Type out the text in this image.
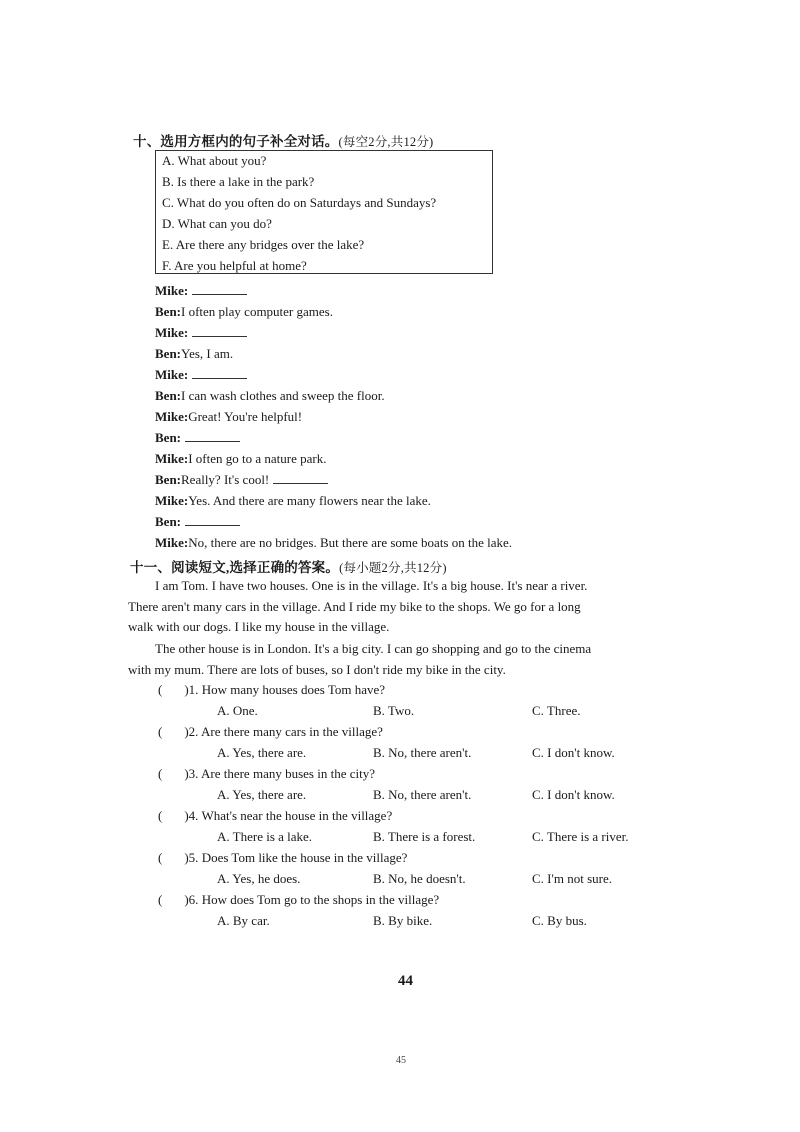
十、选用方框内的句子补全对话。(每空2分,共12分)
A. What about you?
B. Is there a lake in the park?
C. What do you often do on Saturdays and Sundays?
D. What can you do?
E. Are there any bridges over the lake?
F. Are you helpful at home?
Mike:
Ben:I often play computer games.
Mike:
Ben:Yes, I am.
Mike:
Ben:I can wash clothes and sweep the floor.
Mike:Great! You're helpful!
Ben:
Mike:I often go to a nature park.
Ben:Really? It's cool!
Mike:Yes. And there are many flowers near the lake.
Ben:
Mike:No, there are no bridges. But there are some boats on the lake.
十一、阅读短文,选择正确的答案。(每小题2分,共12分)
I am Tom. I have two houses. One is in the village. It's a big house. It's near a river.
There aren't many cars in the village. And I ride my bike to the shops. We go for a long
walk with our dogs. I like my house in the village.
The other house is in London. It's a big city. I can go shopping and go to the cinema
with my mum. There are lots of buses, so I don't ride my bike in the city.
( )1. How many houses does Tom have?
A. One.	B. Two.	C. Three.
( )2. Are there many cars in the village?
A. Yes, there are.	B. No, there aren't.	C. I don't know.
( )3. Are there many buses in the city?
A. Yes, there are.	B. No, there aren't.	C. I don't know.
( )4. What's near the house in the village?
A. There is a lake.	B. There is a forest.	C. There is a river.
( )5. Does Tom like the house in the village?
A. Yes, he does.	B. No, he doesn't.	C. I'm not sure.
( )6. How does Tom go to the shops in the village?
A. By car.	B. By bike.	C. By bus.
44
45
